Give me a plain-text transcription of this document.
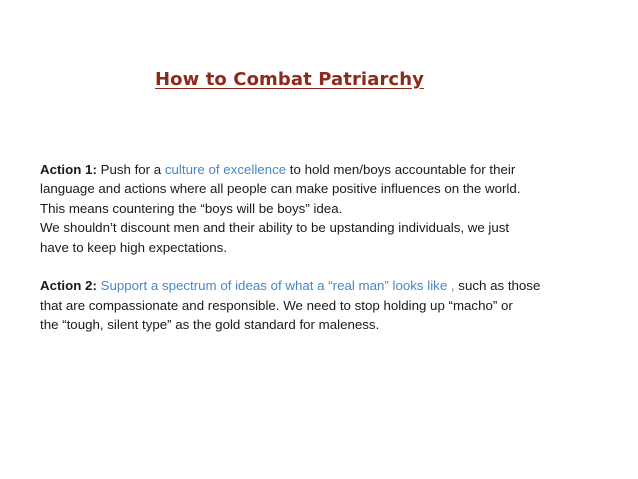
How to Combat Patriarchy
Action 1: Push for a culture of excellence to hold men/boys accountable for their
language and actions where all people can make positive influences on the world.
This means countering the “boys will be boys” idea.
We shouldn’t discount men and their ability to be upstanding individuals, we just
have to keep high expectations.
Action 2: Support a spectrum of ideas of what a “real man” looks like , such as those
that are compassionate and responsible. We need to stop holding up “macho” or
the “tough, silent type” as the gold standard for maleness.
